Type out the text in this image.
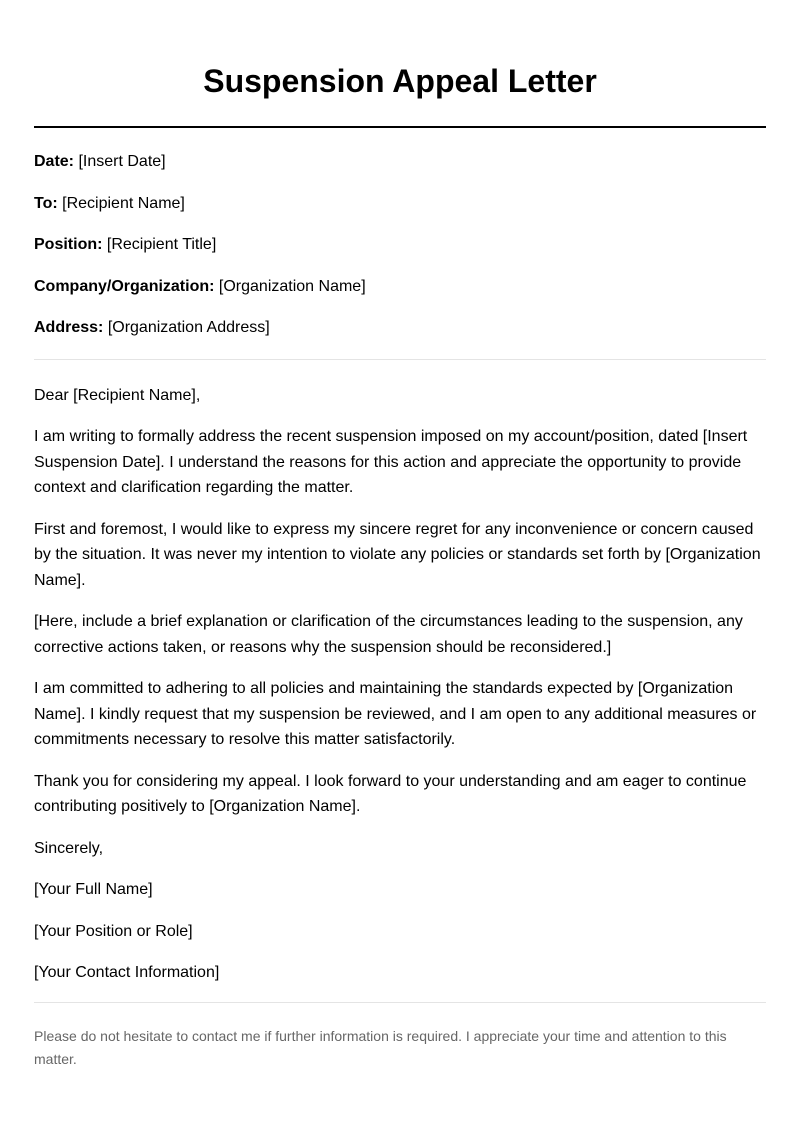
Suspension Appeal Letter
Date: [Insert Date]
To: [Recipient Name]
Position: [Recipient Title]
Company/Organization: [Organization Name]
Address: [Organization Address]

Dear [Recipient Name],

I am writing to formally address the recent suspension imposed on my account/position, dated [Insert Suspension Date]. I understand the reasons for this action and appreciate the opportunity to provide context and clarification regarding the matter.

First and foremost, I would like to express my sincere regret for any inconvenience or concern caused by the situation. It was never my intention to violate any policies or standards set forth by [Organization Name].

[Here, include a brief explanation or clarification of the circumstances leading to the suspension, any corrective actions taken, or reasons why the suspension should be reconsidered.]

I am committed to adhering to all policies and maintaining the standards expected by [Organization Name]. I kindly request that my suspension be reviewed, and I am open to any additional measures or commitments necessary to resolve this matter satisfactorily.

Thank you for considering my appeal. I look forward to your understanding and am eager to continue contributing positively to [Organization Name].

Sincerely,

[Your Full Name]

[Your Position or Role]

[Your Contact Information]

Please do not hesitate to contact me if further information is required. I appreciate your time and attention to this matter.
